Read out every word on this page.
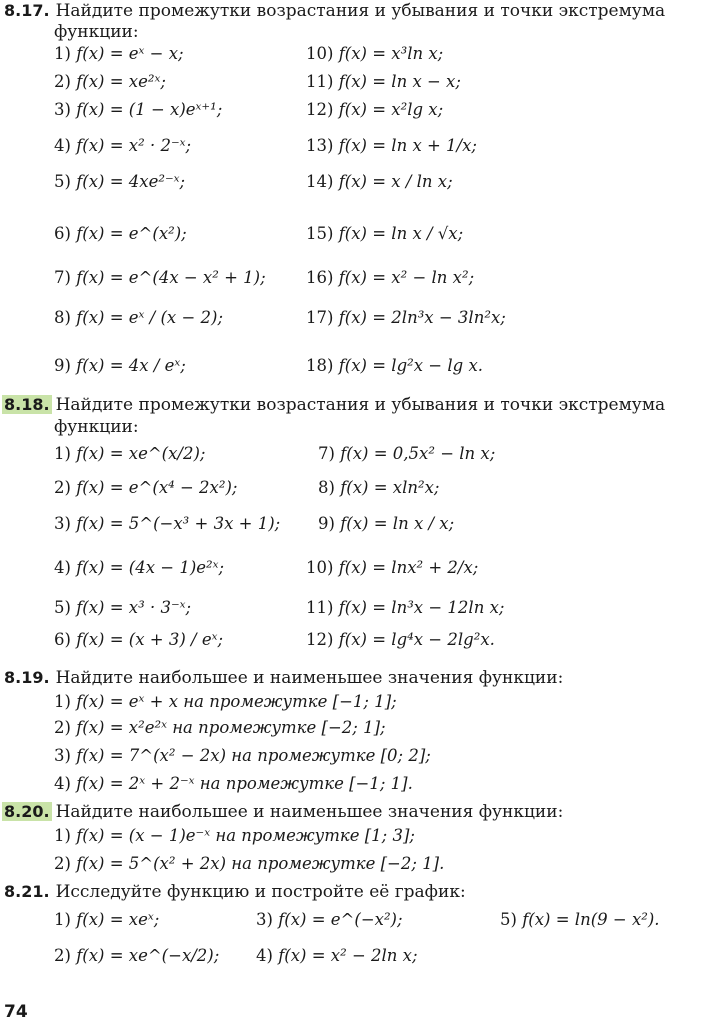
8.17. Найдите промежутки возрастания и убывания и точки экстремума
функции:
1) f(x) = eˣ − x;
2) f(x) = xe²ˣ;
3) f(x) = (1 − x)eˣ⁺¹;
4) f(x) = x² · 2⁻ˣ;
5) f(x) = 4xe²⁻ˣ;
6) f(x) = e^(x²);
7) f(x) = e^(4x − x² + 1);
8) f(x) = eˣ / (x − 2);
9) f(x) = 4x / eˣ;
10) f(x) = x³ln x;
11) f(x) = ln x − x;
12) f(x) = x²lg x;
13) f(x) = ln x + 1/x;
14) f(x) = x / ln x;
15) f(x) = ln x / √x;
16) f(x) = x² − ln x²;
17) f(x) = 2ln³x − 3ln²x;
18) f(x) = lg²x − lg x.
8.18. Найдите промежутки возрастания и убывания и точки экстремума
функции:
1) f(x) = xe^(x/2);
2) f(x) = e^(x⁴ − 2x²);
3) f(x) = 5^(−x³ + 3x + 1);
4) f(x) = (4x − 1)e²ˣ;
5) f(x) = x³ · 3⁻ˣ;
6) f(x) = (x + 3) / eˣ;
7) f(x) = 0,5x² − ln x;
8) f(x) = xln²x;
9) f(x) = ln x / x;
10) f(x) = lnx² + 2/x;
11) f(x) = ln³x − 12ln x;
12) f(x) = lg⁴x − 2lg²x.
8.19. Найдите наибольшее и наименьшее значения функции:
1) f(x) = eˣ + x на промежутке [−1; 1];
2) f(x) = x²e²ˣ на промежутке [−2; 1];
3) f(x) = 7^(x² − 2x) на промежутке [0; 2];
4) f(x) = 2ˣ + 2⁻ˣ на промежутке [−1; 1].
8.20. Найдите наибольшее и наименьшее значения функции:
1) f(x) = (x − 1)e⁻ˣ на промежутке [1; 3];
2) f(x) = 5^(x² + 2x) на промежутке [−2; 1].
8.21. Исследуйте функцию и постройте её график:
1) f(x) = xeˣ;
2) f(x) = xe^(−x/2);
3) f(x) = e^(−x²);
4) f(x) = x² − 2ln x;
5) f(x) = ln(9 − x²).
74
